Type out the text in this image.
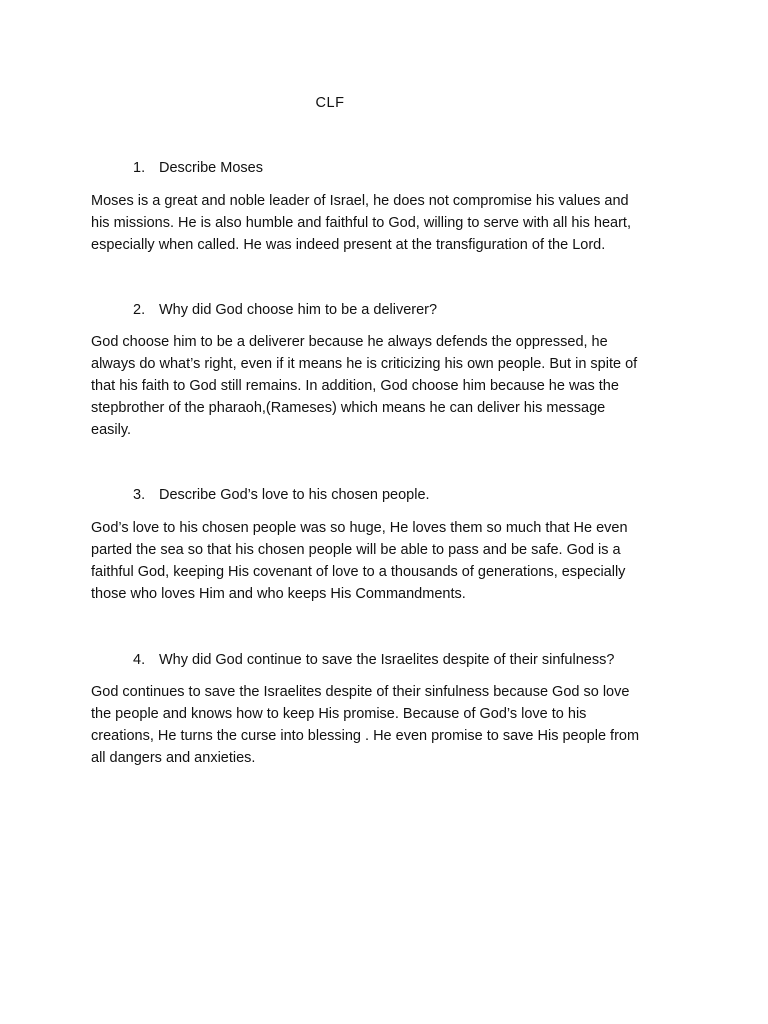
CLF
1. Describe Moses
Moses is a great and noble leader of Israel, he does not compromise his values and
his missions. He is also humble and faithful to God, willing to serve with all his heart,
especially when called. He was indeed present at the transfiguration of the Lord.
2. Why did God choose him to be a deliverer?
God choose him to be a deliverer because he always defends the oppressed, he
always do what’s right, even if it means he is criticizing his own people. But in spite of
that his faith to God still remains. In addition, God choose him because he was the
stepbrother of the pharaoh,(Rameses) which means he can deliver his message
easily.
3. Describe God’s love to his chosen people.
God’s love to his chosen people was so huge, He loves them so much that He even
parted the sea so that his chosen people will be able to pass and be safe. God is a
faithful God, keeping His covenant of love to a thousands of generations, especially
those who loves Him and who keeps His Commandments.
4. Why did God continue to save the Israelites despite of their sinfulness?
God continues to save the Israelites despite of their sinfulness because God so love
the people and knows how to keep His promise. Because of God’s love to his
creations, He turns the curse into blessing . He even promise to save His people from
all dangers and anxieties.
